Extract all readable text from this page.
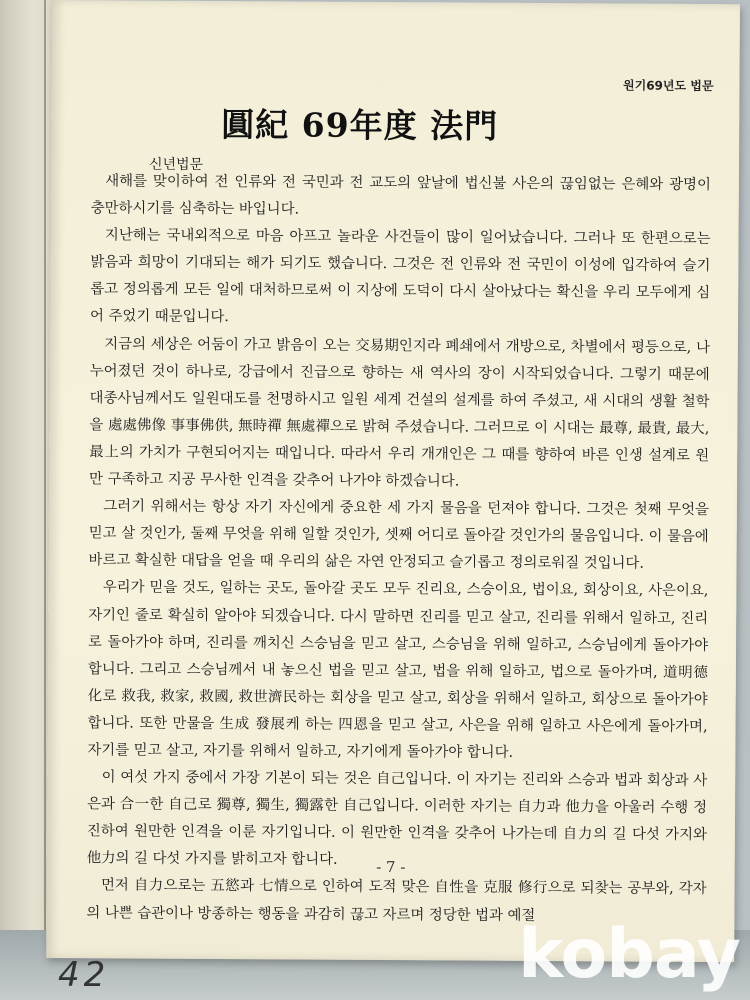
원기69년도 법문
圓紀 69年度 法門
신년법문

새해를 맞이하여 전 인류와 전 국민과 전 교도의 앞날에 법신불 사은의 끊임없는 은혜와 광명이 충만하시기를 심축하는 바입니다.

지난해는 국내외적으로 마음 아프고 놀라운 사건들이 많이 일어났습니다. 그러나 또 한편으로는 밝음과 희망이 기대되는 해가 되기도 했습니다. 그것은 전 인류와 전 국민이 이성에 입각하여 슬기롭고 정의롭게 모든 일에 대처하므로써 이 지상에 도덕이 다시 살아났다는 확신을 우리 모두에게 심어 주었기 때문입니다.

지금의 세상은 어둠이 가고 밝음이 오는 交易期인지라 폐쇄에서 개방으로, 차별에서 평등으로, 나누어졌던 것이 하나로, 강급에서 진급으로 향하는 새 역사의 장이 시작되었습니다. 그렇기 때문에 대종사님께서도 일원대도를 천명하시고 일원 세계 건설의 설계를 하여 주셨고, 새 시대의 생활 철학을 處處佛像 事事佛供, 無時禪 無處禪으로 밝혀 주셨습니다. 그러므로 이 시대는 最尊, 最貴, 最大, 最上의 가치가 구현되어지는 때입니다. 따라서 우리 개개인은 그 때를 향하여 바른 인생 설계로 원만 구족하고 지공 무사한 인격을 갖추어 나가야 하겠습니다.

그러기 위해서는 항상 자기 자신에게 중요한 세 가지 물음을 던져야 합니다. 그것은 첫째 무엇을 믿고 살 것인가, 둘째 무엇을 위해 일할 것인가, 셋째 어디로 돌아갈 것인가의 물음입니다. 이 물음에 바르고 확실한 대답을 얻을 때 우리의 삶은 자연 안정되고 슬기롭고 정의로워질 것입니다.

우리가 믿을 것도, 일하는 곳도, 돌아갈 곳도 모두 진리요, 스승이요, 법이요, 회상이요, 사은이요, 자기인 줄로 확실히 알아야 되겠습니다. 다시 말하면 진리를 믿고 살고, 진리를 위해서 일하고, 진리로 돌아가야 하며, 진리를 깨치신 스승님을 믿고 살고, 스승님을 위해 일하고, 스승님에게 돌아가야 합니다. 그리고 스승님께서 내 놓으신 법을 믿고 살고, 법을 위해 일하고, 법으로 돌아가며, 道明德化로 救我, 救家, 救國, 救世濟民하는 회상을 믿고 살고, 회상을 위해서 일하고, 회상으로 돌아가야 합니다. 또한 만물을 生成 發展케 하는 四恩을 믿고 살고, 사은을 위해 일하고 사은에게 돌아가며, 자기를 믿고 살고, 자기를 위해서 일하고, 자기에게 돌아가야 합니다.

이 여섯 가지 중에서 가장 기본이 되는 것은 自己입니다. 이 자기는 진리와 스승과 법과 회상과 사은과 合一한 自己로 獨尊, 獨生, 獨露한 自己입니다. 이러한 자기는 自力과 他力을 아울러 수행 정진하여 원만한 인격을 이룬 자기입니다. 이 원만한 인격을 갖추어 나가는데 自力의 길 다섯 가지와 他力의 길 다섯 가지를 밝히고자 합니다.

먼저 自力으로는 五慾과 七情으로 인하여 도적 맞은 自性을 克服 修行으로 되찾는 공부와, 각자의 나쁜 습관이나 방종하는 행동을 과감히 끊고 자르며 정당한 법과 예절

- 7 -
42	kobay
